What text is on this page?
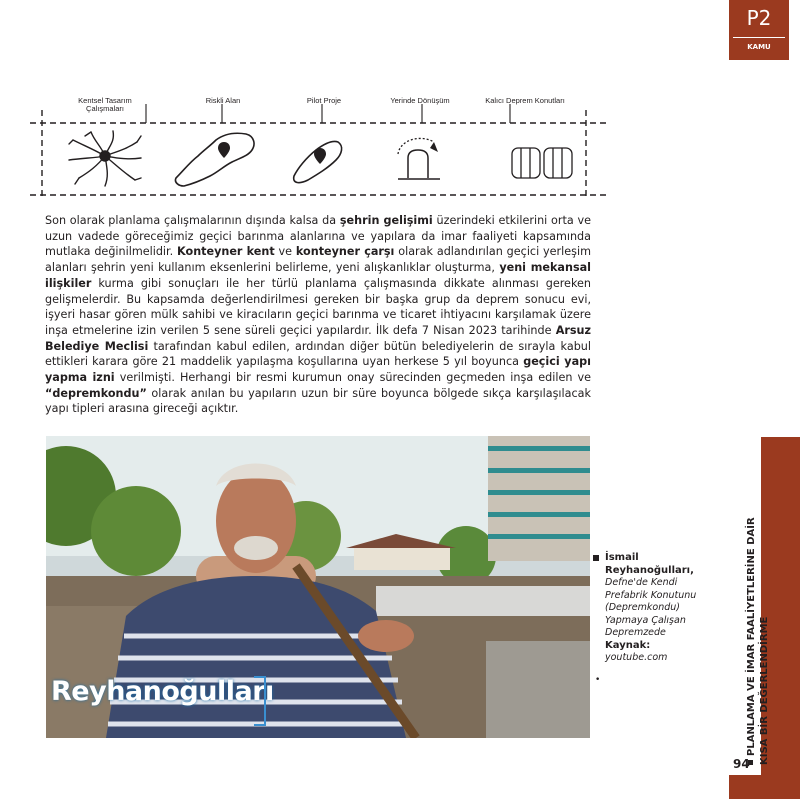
P2
KAMU
Kentsel Tasarım Çalışmaları
Riskli Alan	Pilot Proje	Yerinde Dönüşüm	Kalıcı Deprem Konutları

Son olarak planlama çalışmalarının dışında kalsa da şehrin gelişimi üzerindeki etkilerini orta ve uzun vadede göreceğimiz geçici barınma alanlarına ve yapılara da imar faaliyeti kapsamında mutlaka değinilmelidir. Konteyner kent ve konteyner çarşı olarak adlandırılan geçici yerleşim alanları şehrin yeni kullanım eksenlerini belirleme, yeni alışkanlıklar oluşturma, yeni mekansal ilişkiler kurma gibi sonuçları ile her türlü planlama çalışmasında dikkate alınması gereken gelişmelerdir. Bu kapsamda değerlendirilmesi gereken bir başka grup da deprem sonucu evi, işyeri hasar gören mülk sahibi ve kiracıların geçici barınma ve ticaret ihtiyacını karşılamak üzere inşa etmelerine izin verilen 5 sene süreli geçici yapılardır. İlk defa 7 Nisan 2023 tarihinde Arsuz Belediye Meclisi tarafından kabul edilen, ardından diğer bütün belediyelerin de sırayla kabul ettikleri karara göre 21 maddelik yapılaşma koşullarına uyan herkese 5 yıl boyunca geçici yapı yapma izni verilmişti. Herhangi bir resmi kurumun onay sürecinden geçmeden inşa edilen ve “depremkondu” olarak anılan bu yapıların uzun bir süre boyunca bölgede sıkça karşılaşılacak yapı tipleri arasına gireceği açıktır.

Reyhanoğulları
İsmail Reyhanoğulları,
Defne'de Kendi Prefabrik Konutunu (Depremkondu) Yapmaya Çalışan Depremzede
Kaynak:
•
youtube.com	PLANLAMA VE İMAR FAALİYETLERİNE DAİR KISA BİR DEĞERLENDİRME
94
